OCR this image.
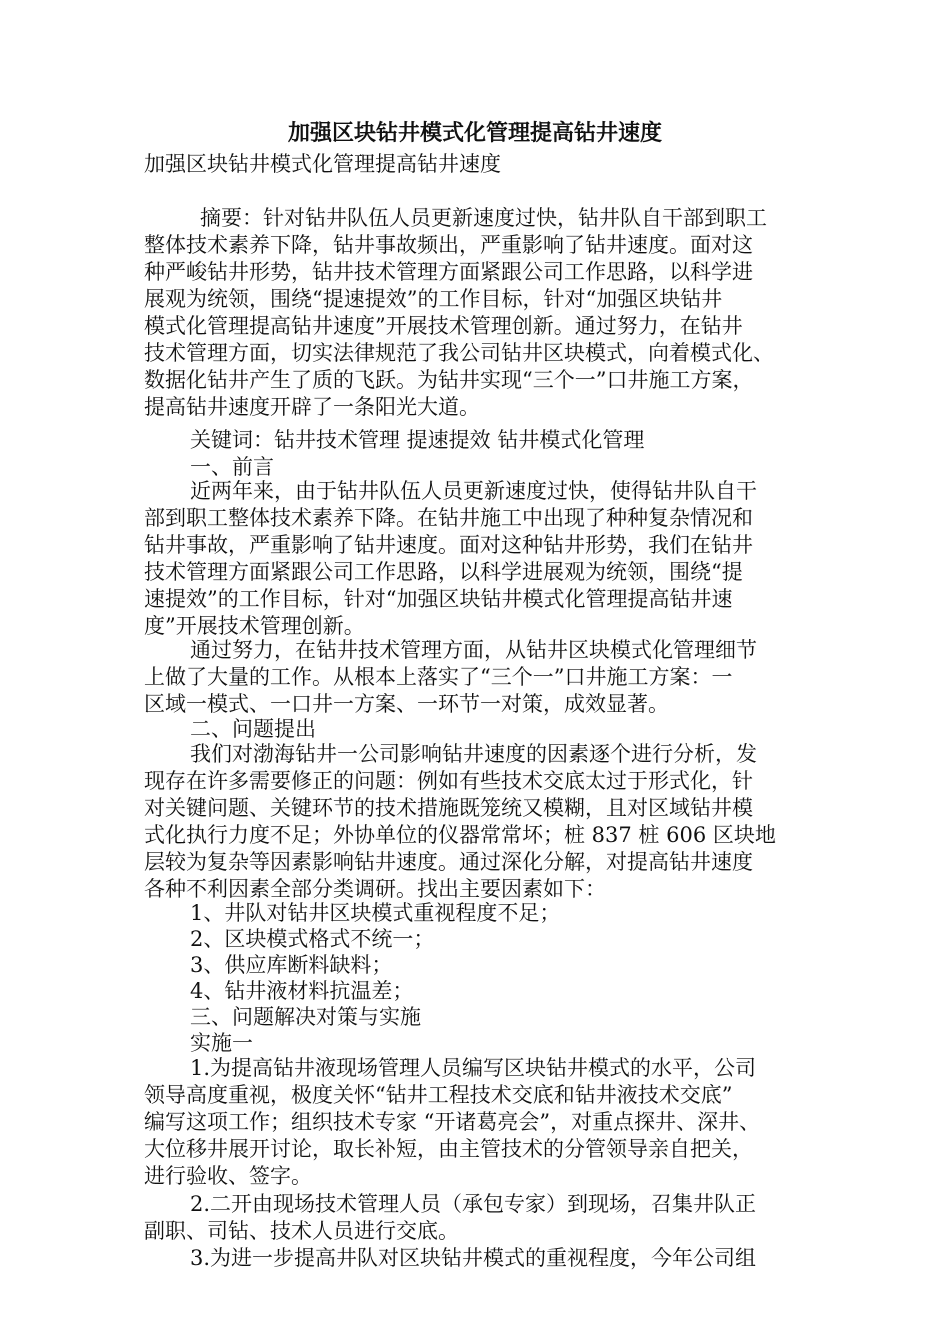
加强区块钻井模式化管理提高钻井速度
加强区块钻井模式化管理提高钻井速度
摘要：针对钻井队伍人员更新速度过快，钻井队自干部到职工
整体技术素养下降，钻井事故频出，严重影响了钻井速度。面对这
种严峻钻井形势，钻井技术管理方面紧跟公司工作思路，以科学进
展观为统领，围绕“提速提效”的工作目标，针对“加强区块钻井
模式化管理提高钻井速度”开展技术管理创新。通过努力，在钻井
技术管理方面，切实法律规范了我公司钻井区块模式，向着模式化、
数据化钻井产生了质的飞跃。为钻井实现“三个一”口井施工方案，
提高钻井速度开辟了一条阳光大道。
关键词：钻井技术管理 提速提效 钻井模式化管理
一、前言
近两年来，由于钻井队伍人员更新速度过快，使得钻井队自干
部到职工整体技术素养下降。在钻井施工中出现了种种复杂情况和
钻井事故，严重影响了钻井速度。面对这种钻井形势，我们在钻井
技术管理方面紧跟公司工作思路，以科学进展观为统领，围绕“提
速提效”的工作目标，针对“加强区块钻井模式化管理提高钻井速
度”开展技术管理创新。
通过努力，在钻井技术管理方面，从钻井区块模式化管理细节
上做了大量的工作。从根本上落实了“三个一”口井施工方案：一
区域一模式、一口井一方案、一环节一对策，成效显著。
二、问题提出
我们对渤海钻井一公司影响钻井速度的因素逐个进行分析，发
现存在许多需要修正的问题：例如有些技术交底太过于形式化，针
对关键问题、关键环节的技术措施既笼统又模糊，且对区域钻井模
式化执行力度不足；外协单位的仪器常常坏；桩 837 桩 606 区块地
层较为复杂等因素影响钻井速度。通过深化分解，对提高钻井速度
各种不利因素全部分类调研。找出主要因素如下：
1、井队对钻井区块模式重视程度不足；
2、区块模式格式不统一；
3、供应库断料缺料；
4、钻井液材料抗温差；
三、问题解决对策与实施
实施一
1.为提高钻井液现场管理人员编写区块钻井模式的水平，公司
领导高度重视，极度关怀“钻井工程技术交底和钻井液技术交底”
编写这项工作；组织技术专家 “开诸葛亮会”，对重点探井、深井、
大位移井展开讨论，取长补短，由主管技术的分管领导亲自把关，
进行验收、签字。
2.二开由现场技术管理人员（承包专家）到现场，召集井队正
副职、司钻、技术人员进行交底。
3.为进一步提高井队对区块钻井模式的重视程度，今年公司组
